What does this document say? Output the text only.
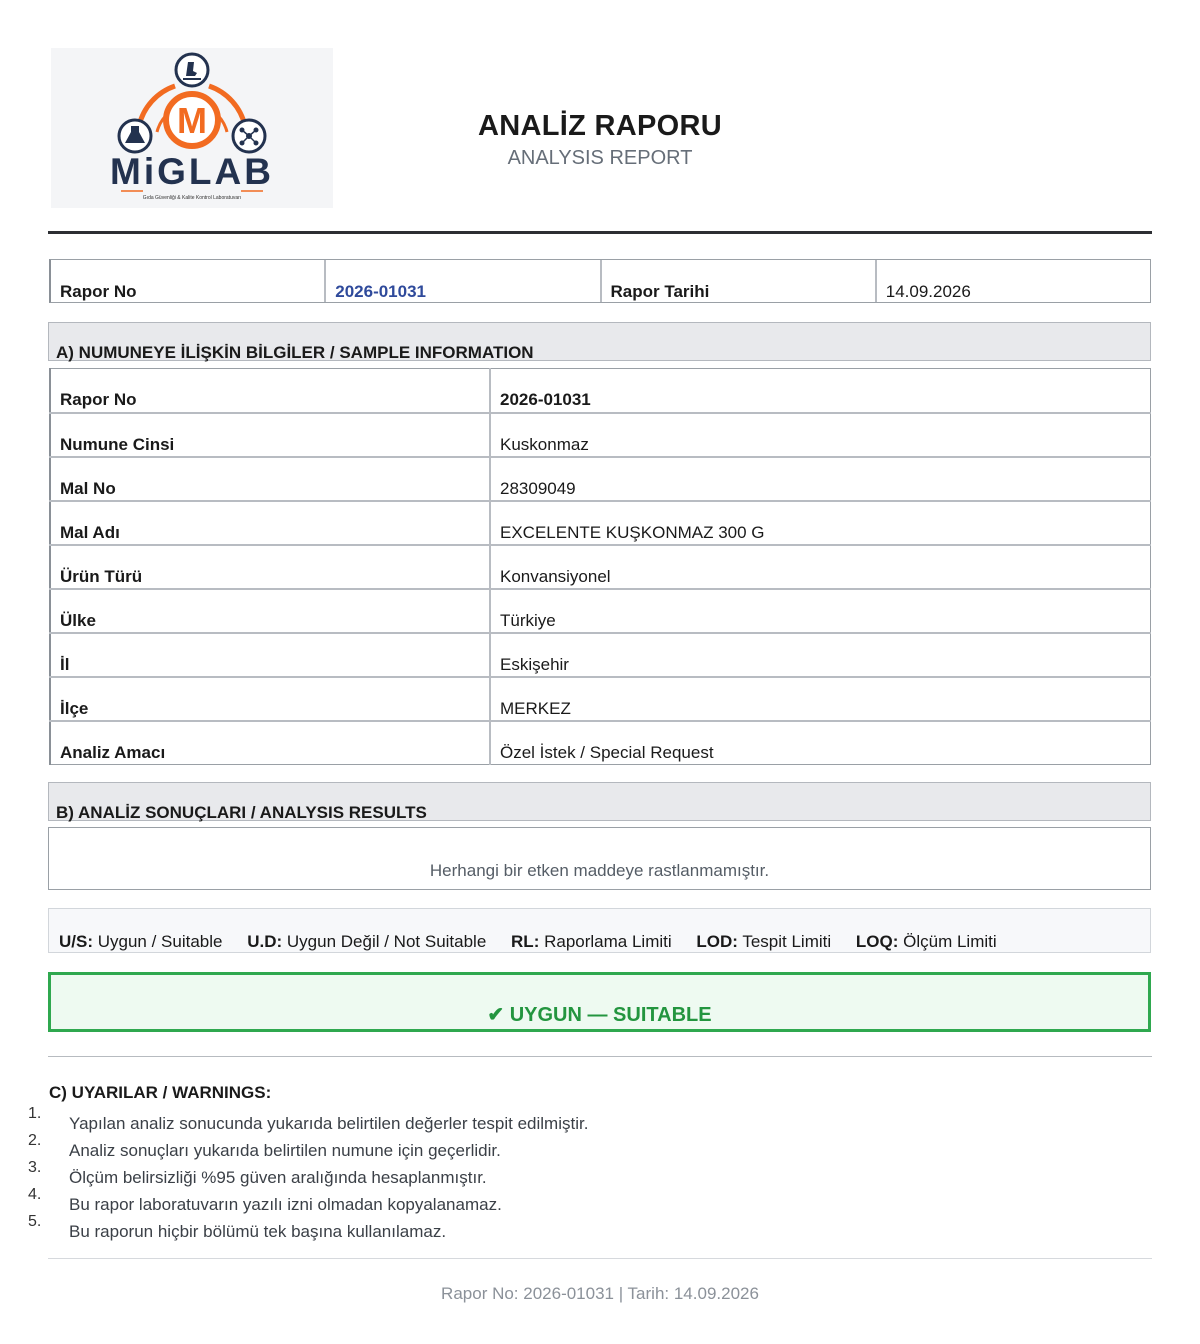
M
MiGLAB
Gıda Güvenliği & Kalite Kontrol Laboratuvarı
ANALİZ RAPORU
ANALYSIS REPORT
Rapor No	2026-01031	Rapor Tarihi	14.09.2026
A) NUMUNEYE İLİŞKİN BİLGİLER / SAMPLE INFORMATION
Rapor No	2026-01031
Numune Cinsi	Kuskonmaz
Mal No	28309049
Mal Adı	EXCELENTE KUŞKONMAZ 300 G
Ürün Türü	Konvansiyonel
Ülke	Türkiye
İl	Eskişehir
İlçe	MERKEZ
Analiz Amacı	Özel İstek / Special Request
B) ANALİZ SONUÇLARI / ANALYSIS RESULTS
Herhangi bir etken maddeye rastlanmamıştır.
U/S: Uygun / Suitable U.D: Uygun Değil / Not Suitable RL: Raporlama Limiti LOD: Tespit Limiti LOQ: Ölçüm Limiti
✔ UYGUN — SUITABLE
C) UYARILAR / WARNINGS:
1.
Yapılan analiz sonucunda yukarıda belirtilen değerler tespit edilmiştir.
2.
Analiz sonuçları yukarıda belirtilen numune için geçerlidir.
3.
Ölçüm belirsizliği %95 güven aralığında hesaplanmıştır.
4.
Bu rapor laboratuvarın yazılı izni olmadan kopyalanamaz.
5.
Bu raporun hiçbir bölümü tek başına kullanılamaz.
Rapor No: 2026-01031 | Tarih: 14.09.2026
